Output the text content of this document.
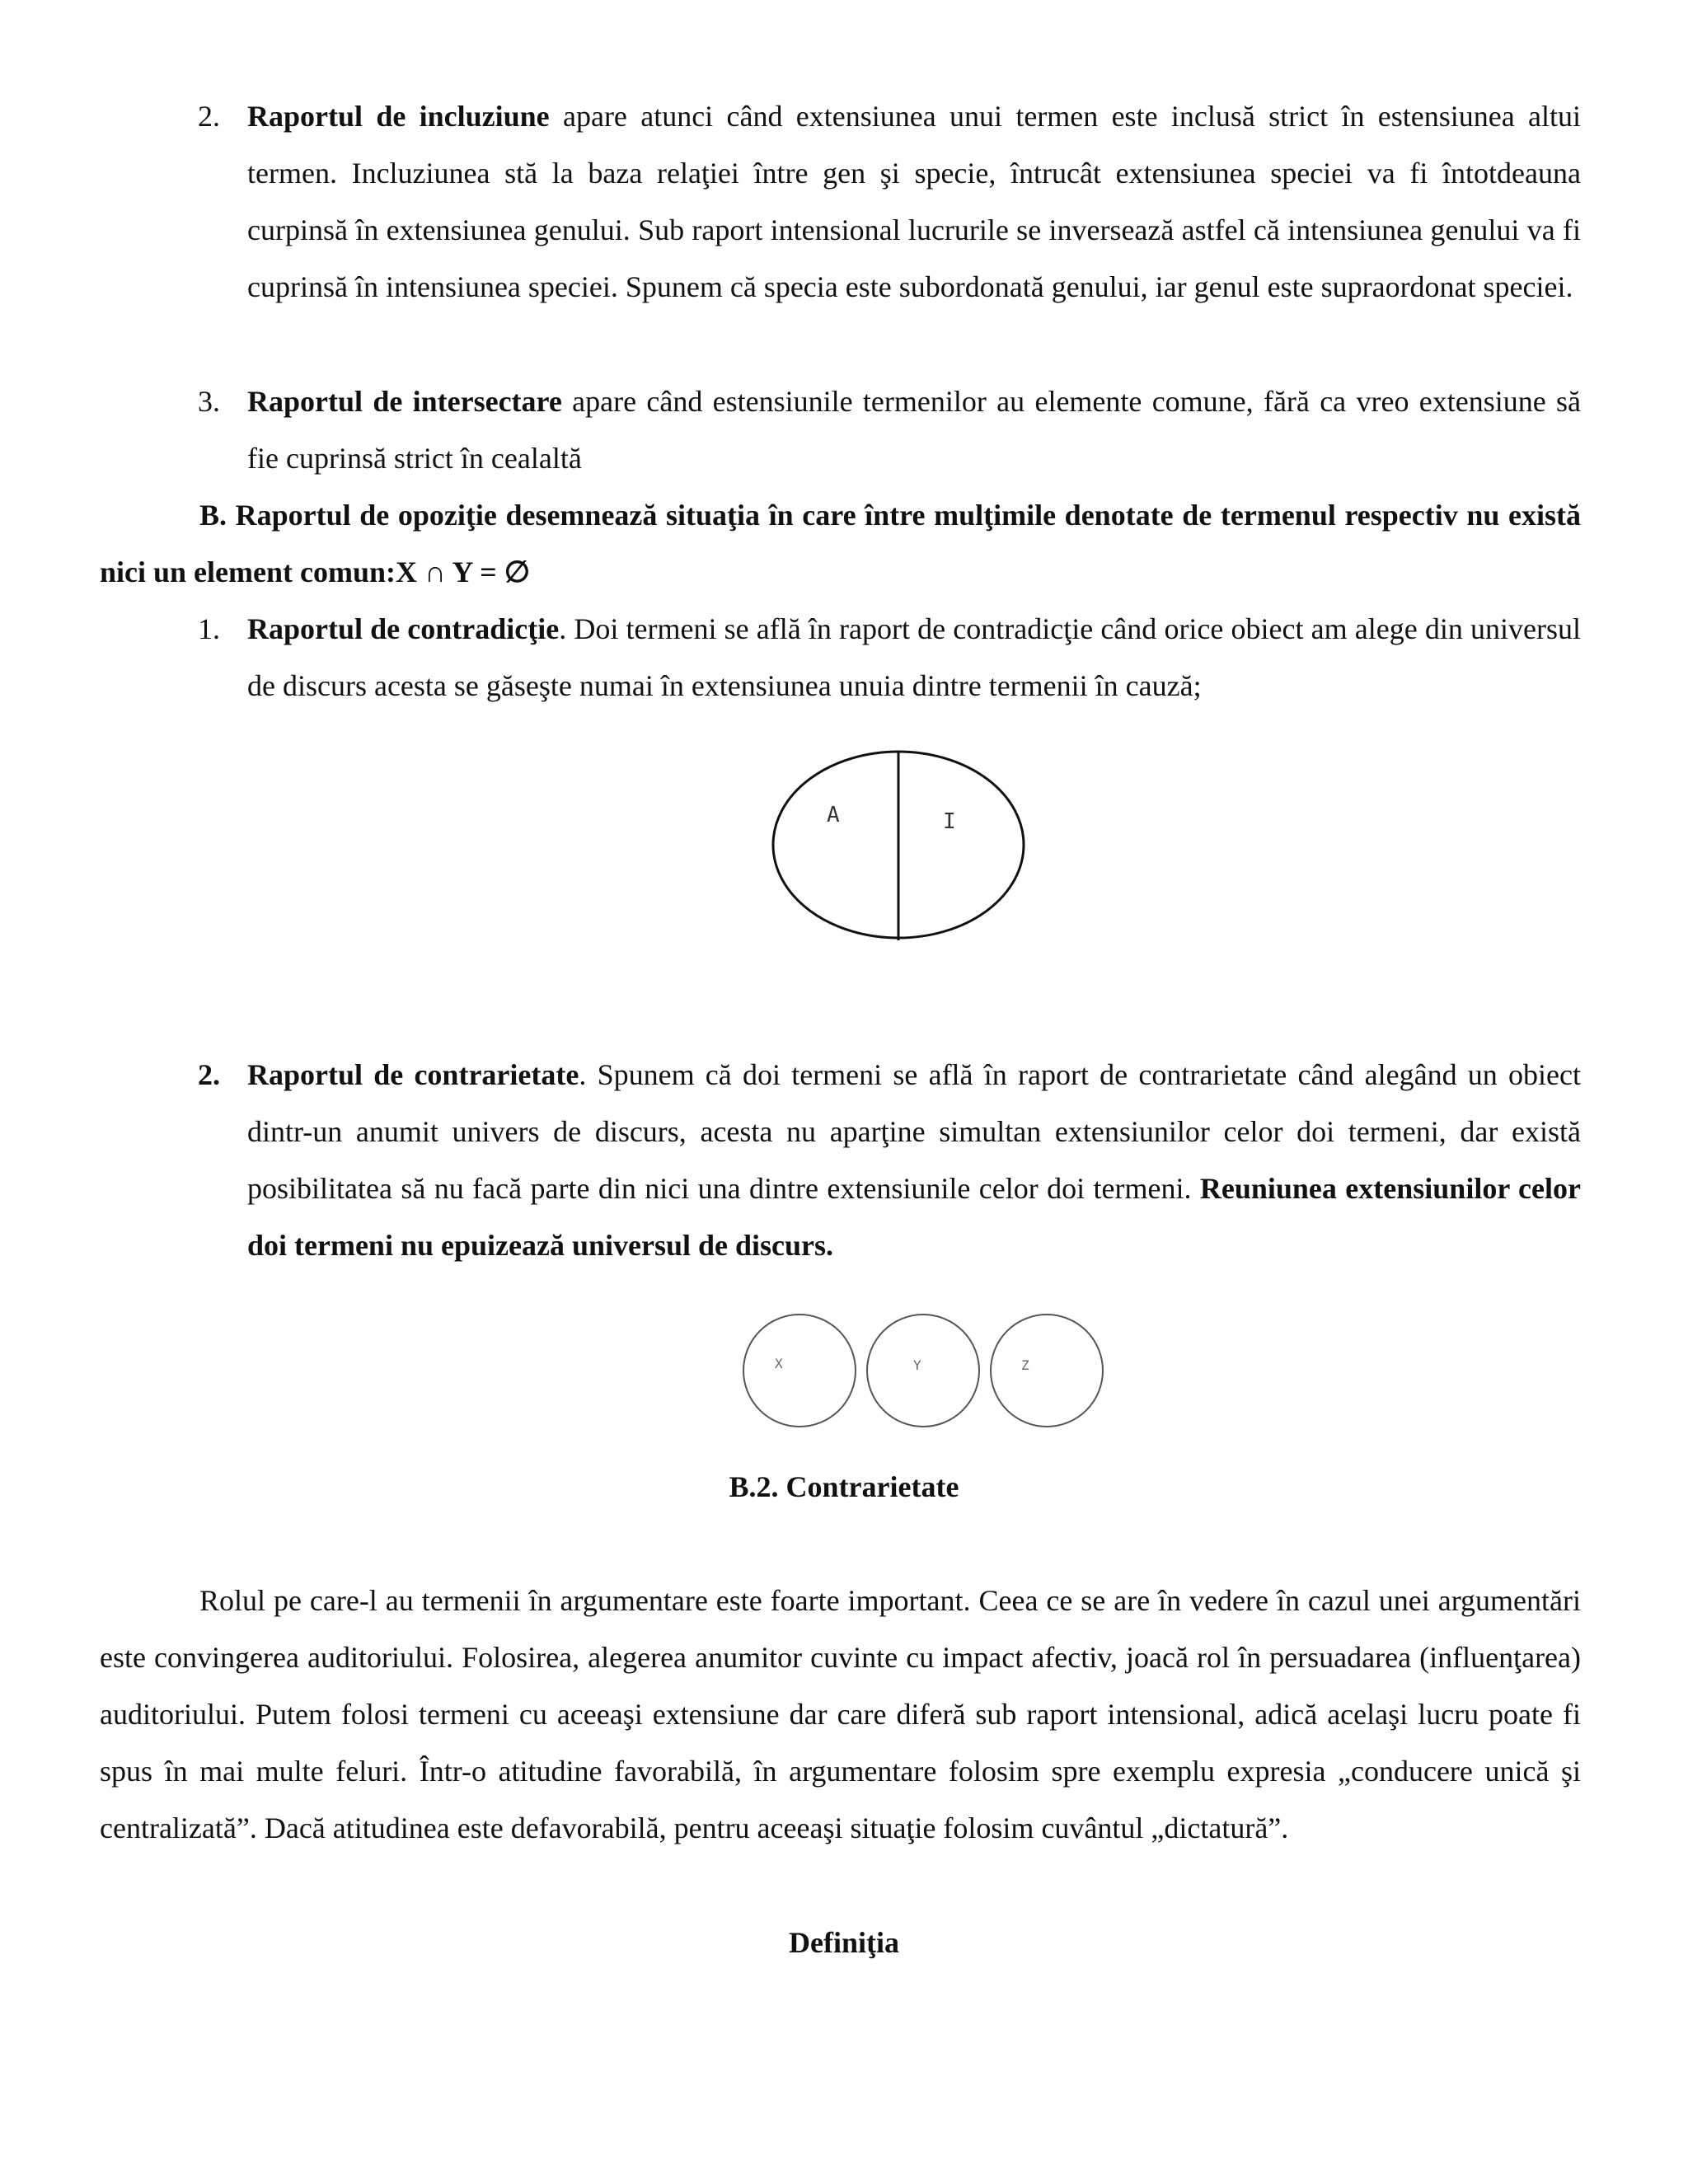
2. Raportul de incluziune apare atunci când extensiunea unui termen este inclusă strict în estensiunea altui termen. Incluziunea stă la baza relaţiei între gen şi specie, întrucât extensiunea speciei va fi întotdeauna curpinsă în extensiunea genului. Sub raport intensional lucrurile se inversează astfel că intensiunea genului va fi cuprinsă în intensiunea speciei. Spunem că specia este subordonată genului, iar genul este supraordonat speciei.

3. Raportul de intersectare apare când estensiunile termenilor au elemente comune, fără ca vreo extensiune să fie cuprinsă strict în cealaltă

B. Raportul de opoziţie desemnează situaţia în care între mulţimile denotate de termenul respectiv nu există nici un element comun:X ∩ Y = ∅

1. Raportul de contradicţie. Doi termeni se află în raport de contradicţie când orice obiect am alege din universul de discurs acesta se găseşte numai în extensiunea unuia dintre termenii în cauză;

A	I
2. Raportul de contrarietate. Spunem că doi termeni se află în raport de contrarietate când alegând un obiect dintr-un anumit univers de discurs, acesta nu aparţine simultan extensiunilor celor doi termeni, dar există posibilitatea să nu facă parte din nici una dintre extensiunile celor doi termeni. Reuniunea extensiunilor celor doi termeni nu epuizează universul de discurs.

X	Y	Z
B.2. Contrarietate

Rolul pe care-l au termenii în argumentare este foarte important. Ceea ce se are în vedere în cazul unei argumentări este convingerea auditoriului. Folosirea, alegerea anumitor cuvinte cu impact afectiv, joacă rol în persuadarea (influenţarea) auditoriului. Putem folosi termeni cu aceeaşi extensiune dar care diferă sub raport intensional, adică acelaşi lucru poate fi spus în mai multe feluri. Într-o atitudine favorabilă, în argumentare folosim spre exemplu expresia „conducere unică şi centralizată”. Dacă atitudinea este defavorabilă, pentru aceeaşi situaţie folosim cuvântul „dictatură”.

Definiţia
